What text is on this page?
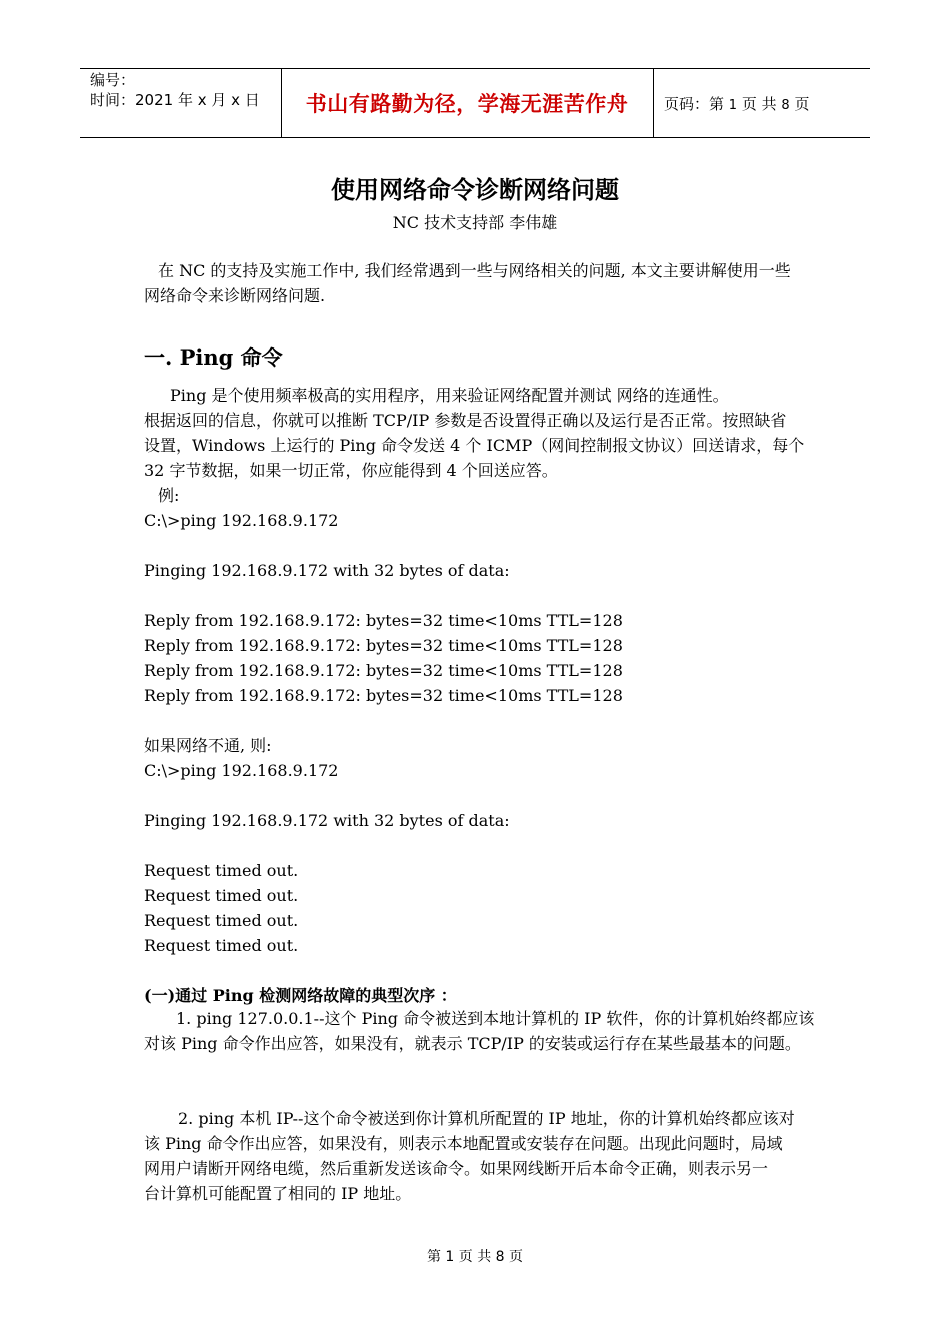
编号：
时间：2021 年 x 月 x 日 书山有路勤为径，学海无涯苦作舟 页码：第 1 页 共 8 页
使用网络命令诊断网络问题
NC 技术支持部 李伟雄
在 NC 的支持及实施工作中, 我们经常遇到一些与网络相关的问题, 本文主要讲解使用一些
网络命令来诊断网络问题.
一. Ping 命令
Ping 是个使用频率极高的实用程序，用来验证网络配置并测试 网络的连通性。
根据返回的信息，你就可以推断 TCP/IP 参数是否设置得正确以及运行是否正常。按照缺省
设置，Windows 上运行的 Ping 命令发送 4 个 ICMP（网间控制报文协议）回送请求，每个
32 字节数据，如果一切正常，你应能得到 4 个回送应答。
例:
C:\>ping 192.168.9.172
Pinging 192.168.9.172 with 32 bytes of data:
Reply from 192.168.9.172: bytes=32 time<10ms TTL=128
Reply from 192.168.9.172: bytes=32 time<10ms TTL=128
Reply from 192.168.9.172: bytes=32 time<10ms TTL=128
Reply from 192.168.9.172: bytes=32 time<10ms TTL=128
如果网络不通, 则:
C:\>ping 192.168.9.172
Pinging 192.168.9.172 with 32 bytes of data:
Request timed out.
Request timed out.
Request timed out.
Request timed out.
(一)通过 Ping 检测网络故障的典型次序 ：
1. ping 127.0.0.1--这个 Ping 命令被送到本地计算机的 IP 软件，你的计算机始终都应该
对该 Ping 命令作出应答，如果没有，就表示 TCP/IP 的安装或运行存在某些最基本的问题。
2. ping 本机 IP--这个命令被送到你计算机所配置的 IP 地址，你的计算机始终都应该对
该 Ping 命令作出应答，如果没有，则表示本地配置或安装存在问题。出现此问题时，局域
网用户请断开网络电缆，然后重新发送该命令。如果网线断开后本命令正确，则表示另一
台计算机可能配置了相同的 IP 地址。
第 1 页 共 8 页
